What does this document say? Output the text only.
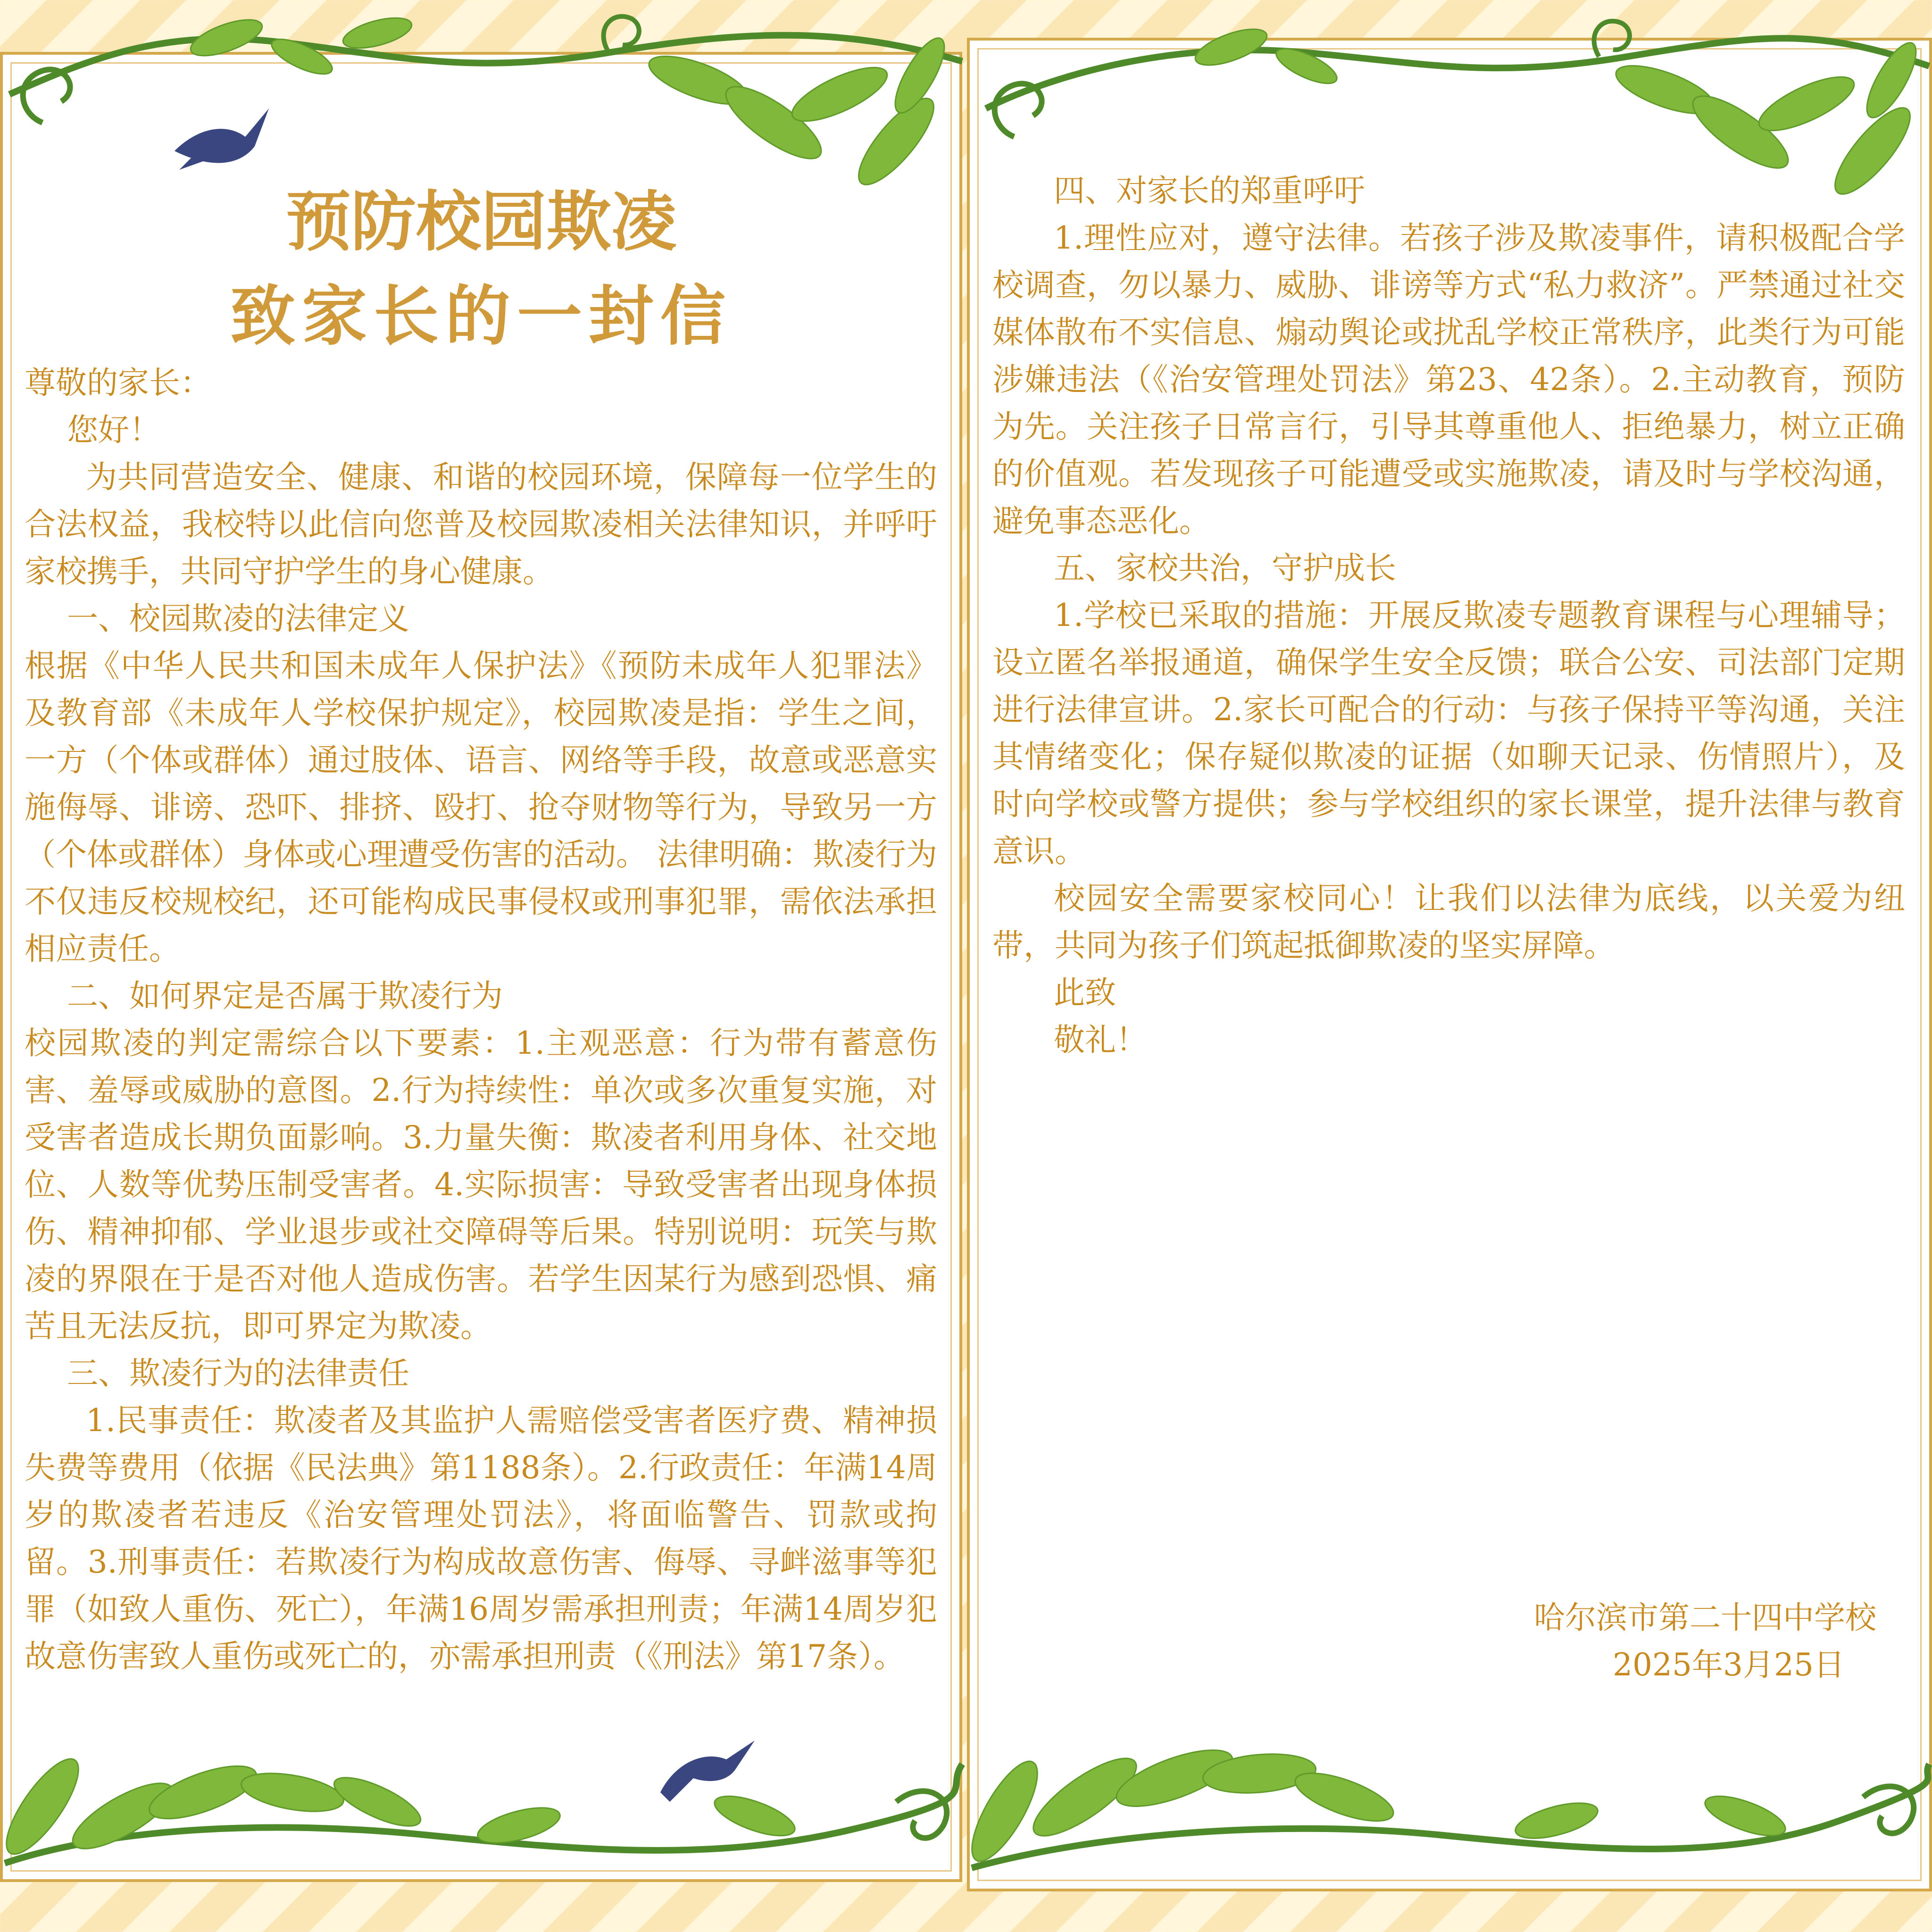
预防校园欺凌
致家长的一封信

尊敬的家长：

您好！

为共同营造安全、健康、和谐的校园环境，保障每一位学生的合法权益，我校特以此信向您普及校园欺凌相关法律知识，并呼吁家校携手，共同守护学生的身心健康。

一、校园欺凌的法律定义

根据《中华人民共和国未成年人保护法》《预防未成年人犯罪法》及教育部《未成年人学校保护规定》，校园欺凌是指：学生之间，一方（个体或群体）通过肢体、语言、网络等手段，故意或恶意实施侮辱、诽谤、恐吓、排挤、殴打、抢夺财物等行为，导致另一方（个体或群体）身体或心理遭受伤害的活动。 法律明确：欺凌行为不仅违反校规校纪，还可能构成民事侵权或刑事犯罪，需依法承担相应责任。

二、如何界定是否属于欺凌行为

校园欺凌的判定需综合以下要素：1.主观恶意：行为带有蓄意伤害、羞辱或威胁的意图。2.行为持续性：单次或多次重复实施，对受害者造成长期负面影响。3.力量失衡：欺凌者利用身体、社交地位、人数等优势压制受害者。4.实际损害：导致受害者出现身体损伤、精神抑郁、学业退步或社交障碍等后果。特别说明：玩笑与欺凌的界限在于是否对他人造成伤害。若学生因某行为感到恐惧、痛苦且无法反抗，即可界定为欺凌。

三、欺凌行为的法律责任

1.民事责任：欺凌者及其监护人需赔偿受害者医疗费、精神损失费等费用（依据《民法典》第1188条）。2.行政责任：年满14周岁的欺凌者若违反《治安管理处罚法》，将面临警告、罚款或拘留。3.刑事责任：若欺凌行为构成故意伤害、侮辱、寻衅滋事等犯罪（如致人重伤、死亡），年满16周岁需承担刑责；年满14周岁犯故意伤害致人重伤或死亡的，亦需承担刑责（《刑法》第17条）。

四、对家长的郑重呼吁

1.理性应对，遵守法律。若孩子涉及欺凌事件，请积极配合学校调查，勿以暴力、威胁、诽谤等方式“私力救济”。严禁通过社交媒体散布不实信息、煽动舆论或扰乱学校正常秩序，此类行为可能涉嫌违法（《治安管理处罚法》第23、42条）。2.主动教育，预防为先。关注孩子日常言行，引导其尊重他人、拒绝暴力，树立正确的价值观。若发现孩子可能遭受或实施欺凌，请及时与学校沟通，避免事态恶化。

五、家校共治，守护成长

1.学校已采取的措施：开展反欺凌专题教育课程与心理辅导；设立匿名举报通道，确保学生安全反馈；联合公安、司法部门定期进行法律宣讲。2.家长可配合的行动：与孩子保持平等沟通，关注其情绪变化；保存疑似欺凌的证据（如聊天记录、伤情照片），及时向学校或警方提供；参与学校组织的家长课堂，提升法律与教育意识。

校园安全需要家校同心！让我们以法律为底线，以关爱为纽带，共同为孩子们筑起抵御欺凌的坚实屏障。

此致

敬礼！

哈尔滨市第二十四中学校
2025年3月25日
